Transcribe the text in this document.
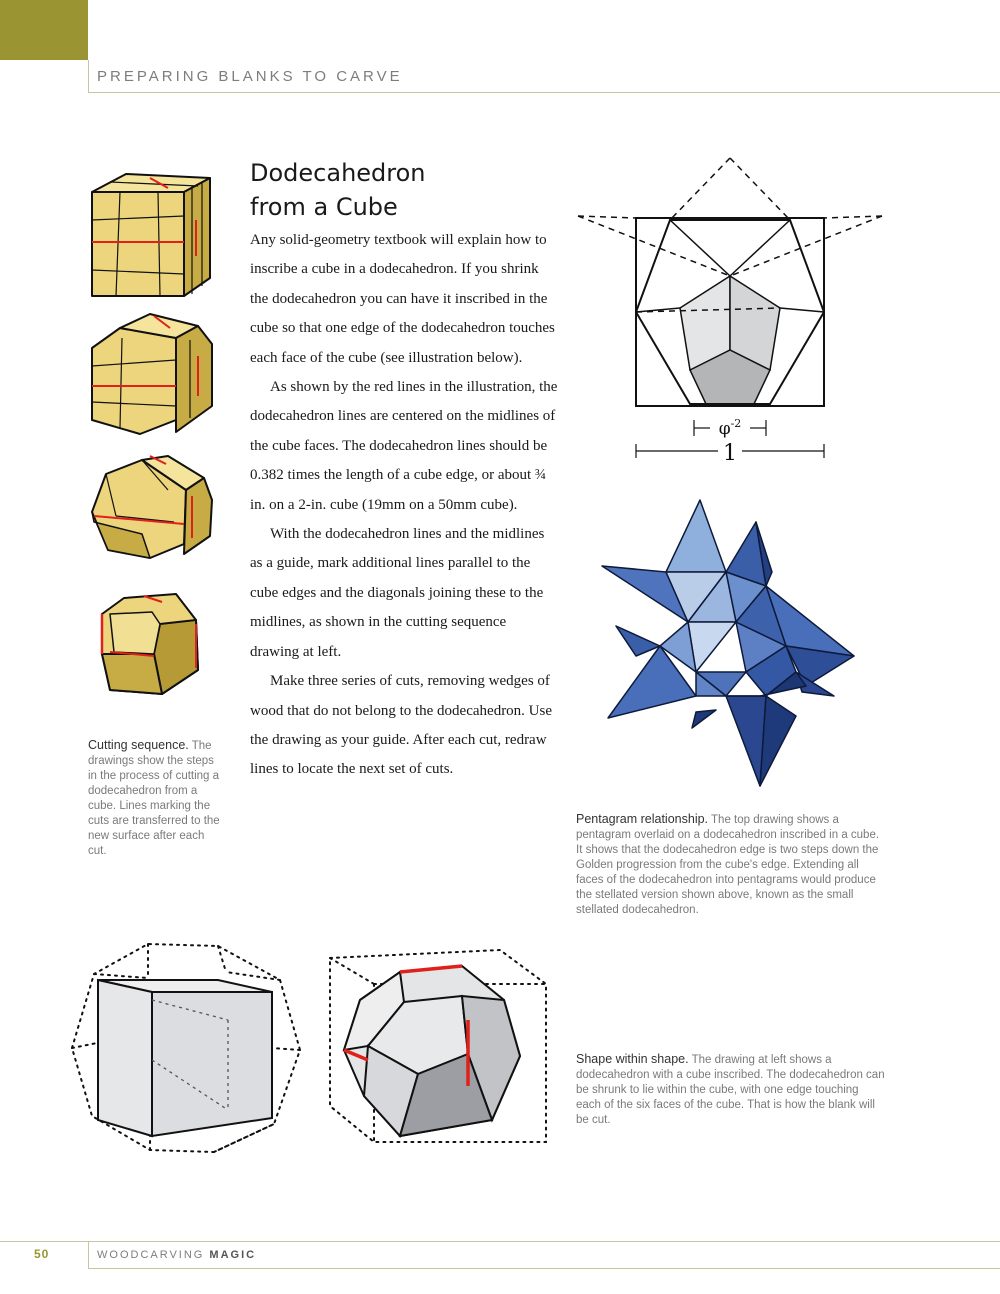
PREPARING BLANKS TO CARVE
Dodecahedron
from a Cube

Any solid-geometry textbook will explain how to inscribe a cube in a dodecahedron. If you shrink the dodecahedron you can have it inscribed in the cube so that one edge of the dodecahedron touches each face of the cube (see illustration below).

As shown by the red lines in the illustration, the dodecahedron lines are centered on the midlines of the cube faces. The dodecahedron lines should be 0.382 times the length of a cube edge, or about ¾ in. on a 2-in. cube (19mm on a 50mm cube).

With the dodecahedron lines and the midlines as a guide, mark additional lines parallel to the cube edges and the diagonals joining these to the midlines, as shown in the cutting sequence drawing at left.

Make three series of cuts, removing wedges of wood that do not belong to the dodecahedron. Use the drawing as your guide. After each cut, redraw lines to locate the next set of cuts.

Cutting sequence. The drawings show the steps in the process of cutting a dodecahedron from a cube. Lines marking the cuts are transferred to the new surface after each cut.
$\varphi^{-2}$
1
Pentagram relationship. The top drawing shows a pentagram overlaid on a dodecahedron inscribed in a cube. It shows that the dodecahedron edge is two steps down the Golden progression from the cube's edge. Extending all faces of the dodecahedron into pentagrams would produce the stellated version shown above, known as the small stellated dodecahedron.
Shape within shape. The drawing at left shows a dodecahedron with a cube inscribed. The dodecahedron can be shrunk to lie within the cube, with one edge touching each of the six faces of the cube. That is how the blank will be cut.
50	WOODCARVING MAGIC
